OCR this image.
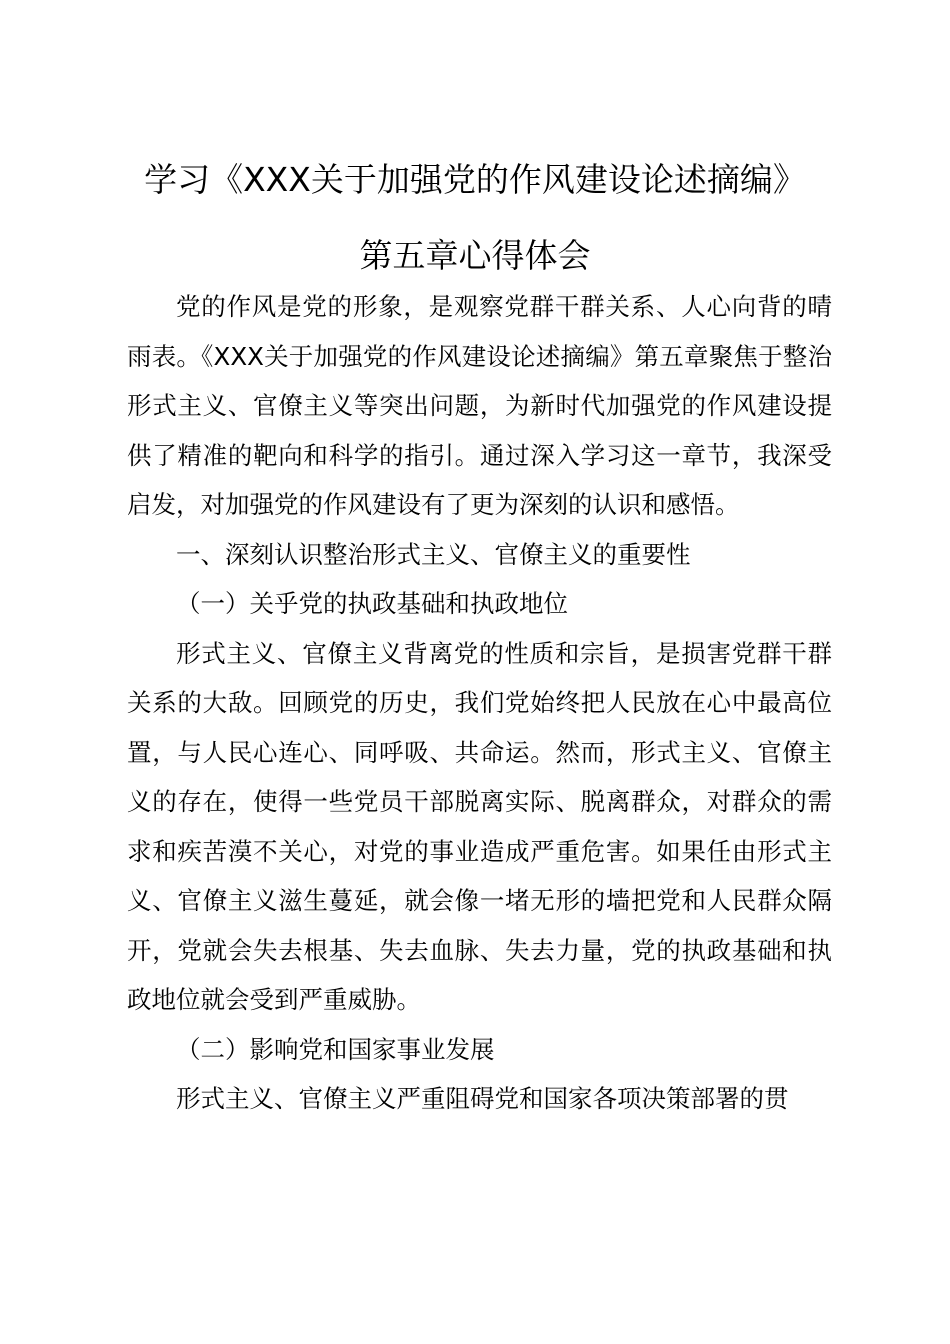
学习《XXX关于加强党的作风建设论述摘编》
第五章心得体会

党的作风是党的形象，是观察党群干群关系、人心向背的晴雨表。《XXX关于加强党的作风建设论述摘编》第五章聚焦于整治形式主义、官僚主义等突出问题，为新时代加强党的作风建设提供了精准的靶向和科学的指引。通过深入学习这一章节，我深受启发，对加强党的作风建设有了更为深刻的认识和感悟。

一、深刻认识整治形式主义、官僚主义的重要性

（一）关乎党的执政基础和执政地位

形式主义、官僚主义背离党的性质和宗旨，是损害党群干群关系的大敌。回顾党的历史，我们党始终把人民放在心中最高位置，与人民心连心、同呼吸、共命运。然而，形式主义、官僚主义的存在，使得一些党员干部脱离实际、脱离群众，对群众的需求和疾苦漠不关心，对党的事业造成严重危害。如果任由形式主义、官僚主义滋生蔓延，就会像一堵无形的墙把党和人民群众隔开，党就会失去根基、失去血脉、失去力量，党的执政基础和执政地位就会受到严重威胁。

（二）影响党和国家事业发展

形式主义、官僚主义严重阻碍党和国家各项决策部署的贯
